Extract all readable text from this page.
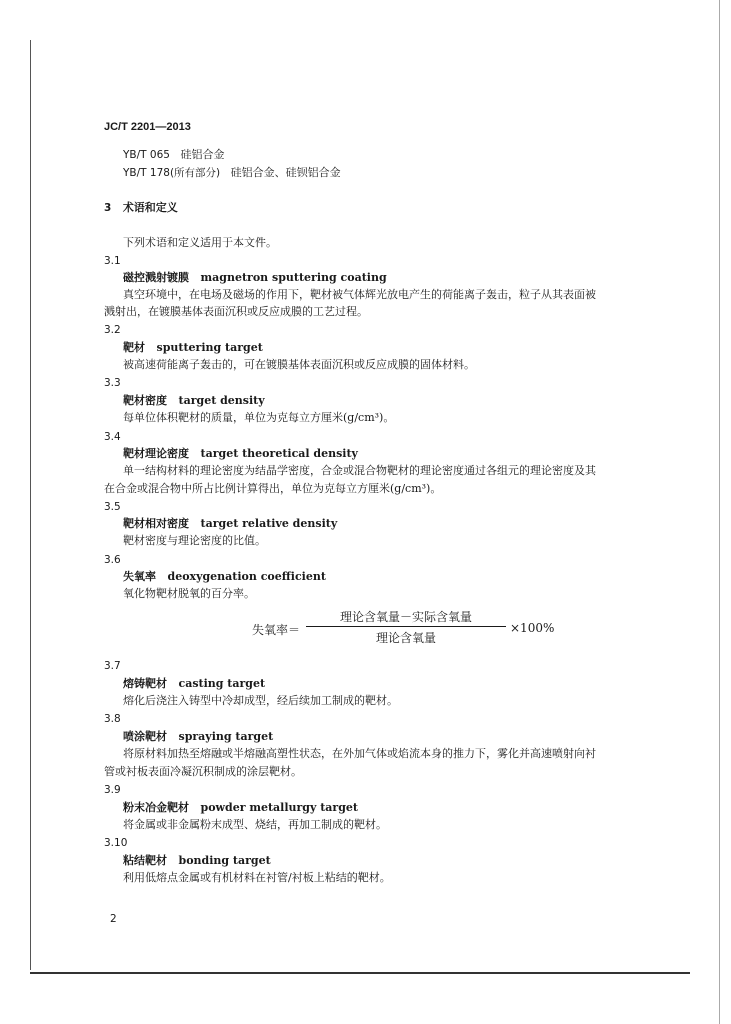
JC/T 2201—2013
YB/T 065 硅铝合金
YB/T 178(所有部分) 硅铝合金、硅钡铝合金
3 术语和定义
下列术语和定义适用于本文件。
3.1
磁控溅射镀膜 magnetron sputtering coating
真空环境中，在电场及磁场的作用下，靶材被气体辉光放电产生的荷能离子轰击，粒子从其表面被
溅射出，在镀膜基体表面沉积或反应成膜的工艺过程。
3.2
靶材 sputtering target
被高速荷能离子轰击的，可在镀膜基体表面沉积或反应成膜的固体材料。
3.3
靶材密度 target density
每单位体积靶材的质量，单位为克每立方厘米(g/cm³)。
3.4
靶材理论密度 target theoretical density
单一结构材料的理论密度为结晶学密度，合金或混合物靶材的理论密度通过各组元的理论密度及其
在合金或混合物中所占比例计算得出，单位为克每立方厘米(g/cm³)。
3.5
靶材相对密度 target relative density
靶材密度与理论密度的比值。
3.6
失氧率 deoxygenation coefficient
氧化物靶材脱氧的百分率。
失氧率＝
理论含氧量－实际含氧量
理论含氧量
×100%
3.7
熔铸靶材 casting target
熔化后浇注入铸型中冷却成型，经后续加工制成的靶材。
3.8
喷涂靶材 spraying target
将原材料加热至熔融或半熔融高塑性状态，在外加气体或焰流本身的推力下，雾化并高速喷射向衬
管或衬板表面冷凝沉积制成的涂层靶材。
3.9
粉末冶金靶材 powder metallurgy target
将金属或非金属粉末成型、烧结，再加工制成的靶材。
3.10
粘结靶材 bonding target
利用低熔点金属或有机材料在衬管/衬板上粘结的靶材。
2
